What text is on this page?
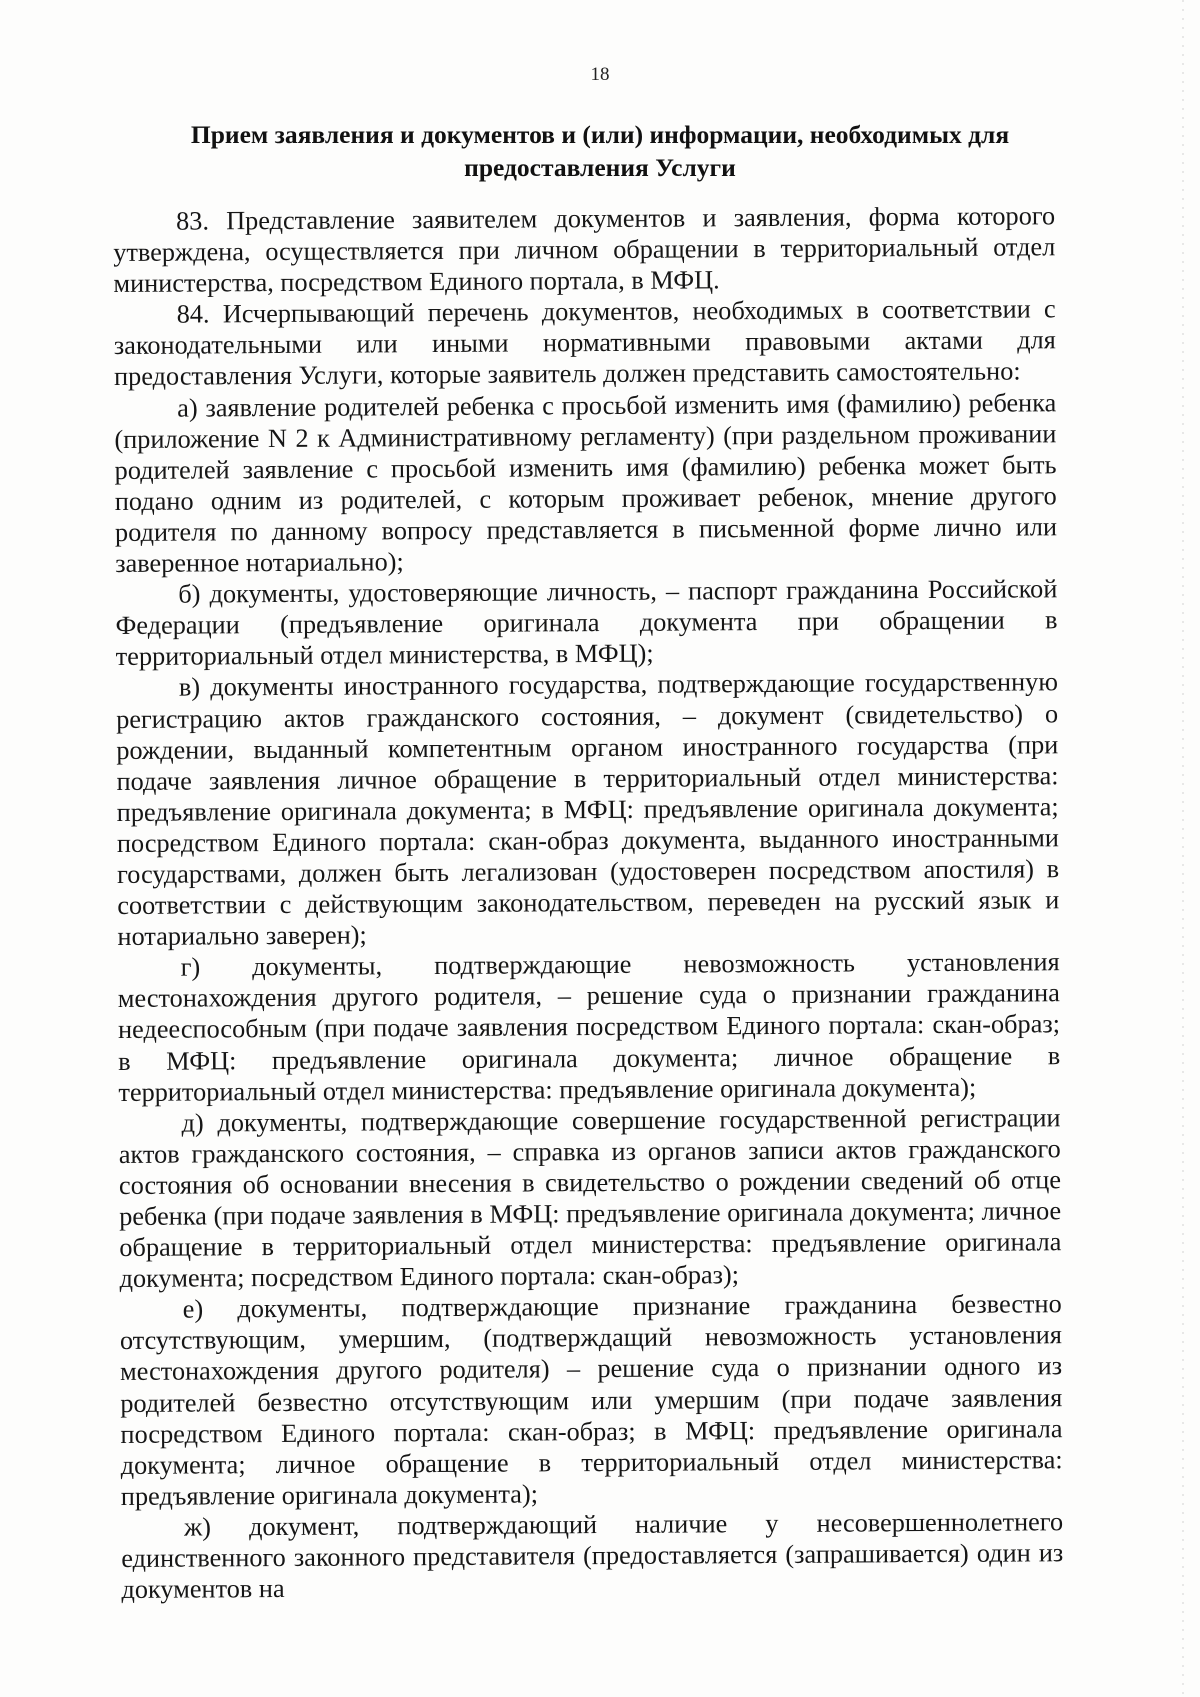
18
Прием заявления и документов и (или) информации, необходимых для
предоставления Услуги

83. Представление заявителем документов и заявления, форма которого утверждена, осуществляется при личном обращении в территориальный отдел министерства, посредством Единого портала, в МФЦ.

84. Исчерпывающий перечень документов, необходимых в соответствии с законодательными или иными нормативными правовыми актами для предоставления Услуги, которые заявитель должен представить самостоятельно:

а) заявление родителей ребенка с просьбой изменить имя (фамилию) ребенка (приложение N 2 к Административному регламенту) (при раздельном проживании родителей заявление с просьбой изменить имя (фамилию) ребенка может быть подано одним из родителей, с которым проживает ребенок, мнение другого родителя по данному вопросу представляется в письменной форме лично или заверенное нотариально);

б) документы, удостоверяющие личность, – паспорт гражданина Российской Федерации (предъявление оригинала документа при обращении в территориальный отдел министерства, в МФЦ);

в) документы иностранного государства, подтверждающие государственную регистрацию актов гражданского состояния, – документ (свидетельство) о рождении, выданный компетентным органом иностранного государства (при подаче заявления личное обращение в территориальный отдел министерства: предъявление оригинала документа; в МФЦ: предъявление оригинала документа; посредством Единого портала: скан-образ документа, выданного иностранными государствами, должен быть легализован (удостоверен посредством апостиля) в соответствии с действующим законодательством, переведен на русский язык и нотариально заверен);

г) документы, подтверждающие невозможность установления местонахождения другого родителя, – решение суда о признании гражданина недееспособным (при подаче заявления посредством Единого портала: скан-образ; в МФЦ: предъявление оригинала документа; личное обращение в территориальный отдел министерства: предъявление оригинала документа);

д) документы, подтверждающие совершение государственной регистрации актов гражданского состояния, – справка из органов записи актов гражданского состояния об основании внесения в свидетельство о рождении сведений об отце ребенка (при подаче заявления в МФЦ: предъявление оригинала документа; личное обращение в территориальный отдел министерства: предъявление оригинала документа; посредством Единого портала: скан-образ);

е) документы, подтверждающие признание гражданина безвестно отсутствующим, умершим, (подтверждащий невозможность установления местонахождения другого родителя) – решение суда о признании одного из родителей безвестно отсутствующим или умершим (при подаче заявления посредством Единого портала: скан-образ; в МФЦ: предъявление оригинала документа; личное обращение в территориальный отдел министерства: предъявление оригинала документа);

ж) документ, подтверждающий наличие у несовершеннолетнего единственного законного представителя (предоставляется (запрашивается) один из документов на
